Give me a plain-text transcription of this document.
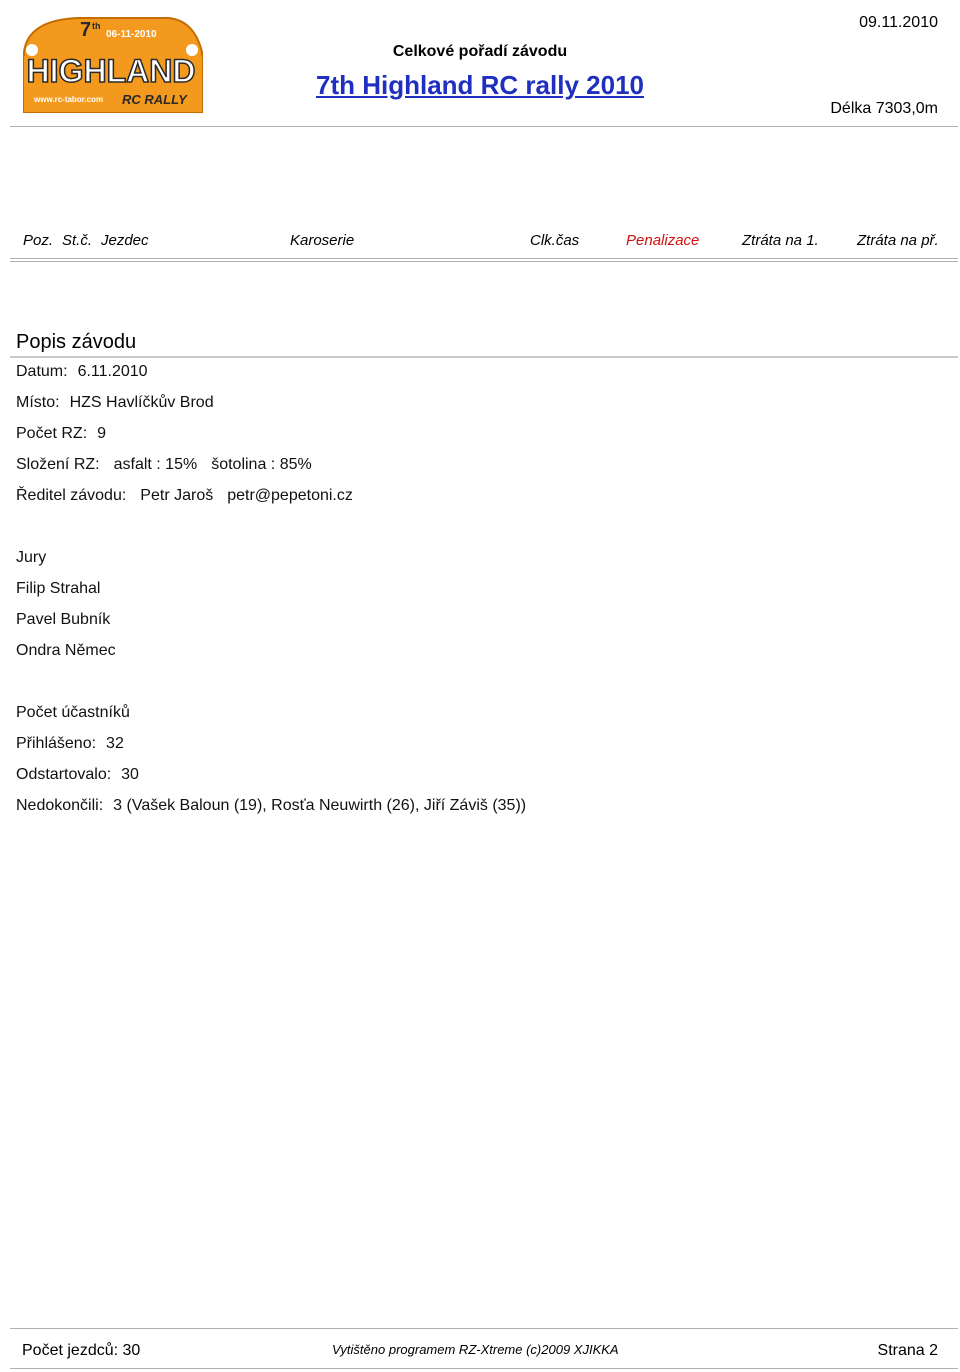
7 th
06-11-2010
HIGHLAND
www.rc-tabor.com RC RALLY
Celkové pořadí závodu
7th Highland RC rally 2010
09.11.2010
Délka 7303,0m
Poz. St.č. Jezdec	Karoserie	Clk.čas	Penalizace	Ztráta na 1.	Ztráta na př.
Popis závodu
Datum: 6.11.2010
Místo: HZS Havlíčkův Brod
Počet RZ: 9
Složení RZ: asfalt : 15% šotolina : 85%
Ředitel závodu: Petr Jaroš petr@pepetoni.cz
Jury
Filip Strahal
Pavel Bubník
Ondra Němec
Počet účastníků
Přihlášeno: 32
Odstartovalo: 30
Nedokončili: 3 (Vašek Baloun (19), Rosťa Neuwirth (26), Jiří Záviš (35))
Počet jezdců: 30	Vytištěno programem RZ-Xtreme (c)2009 XJIKKA	Strana 2
